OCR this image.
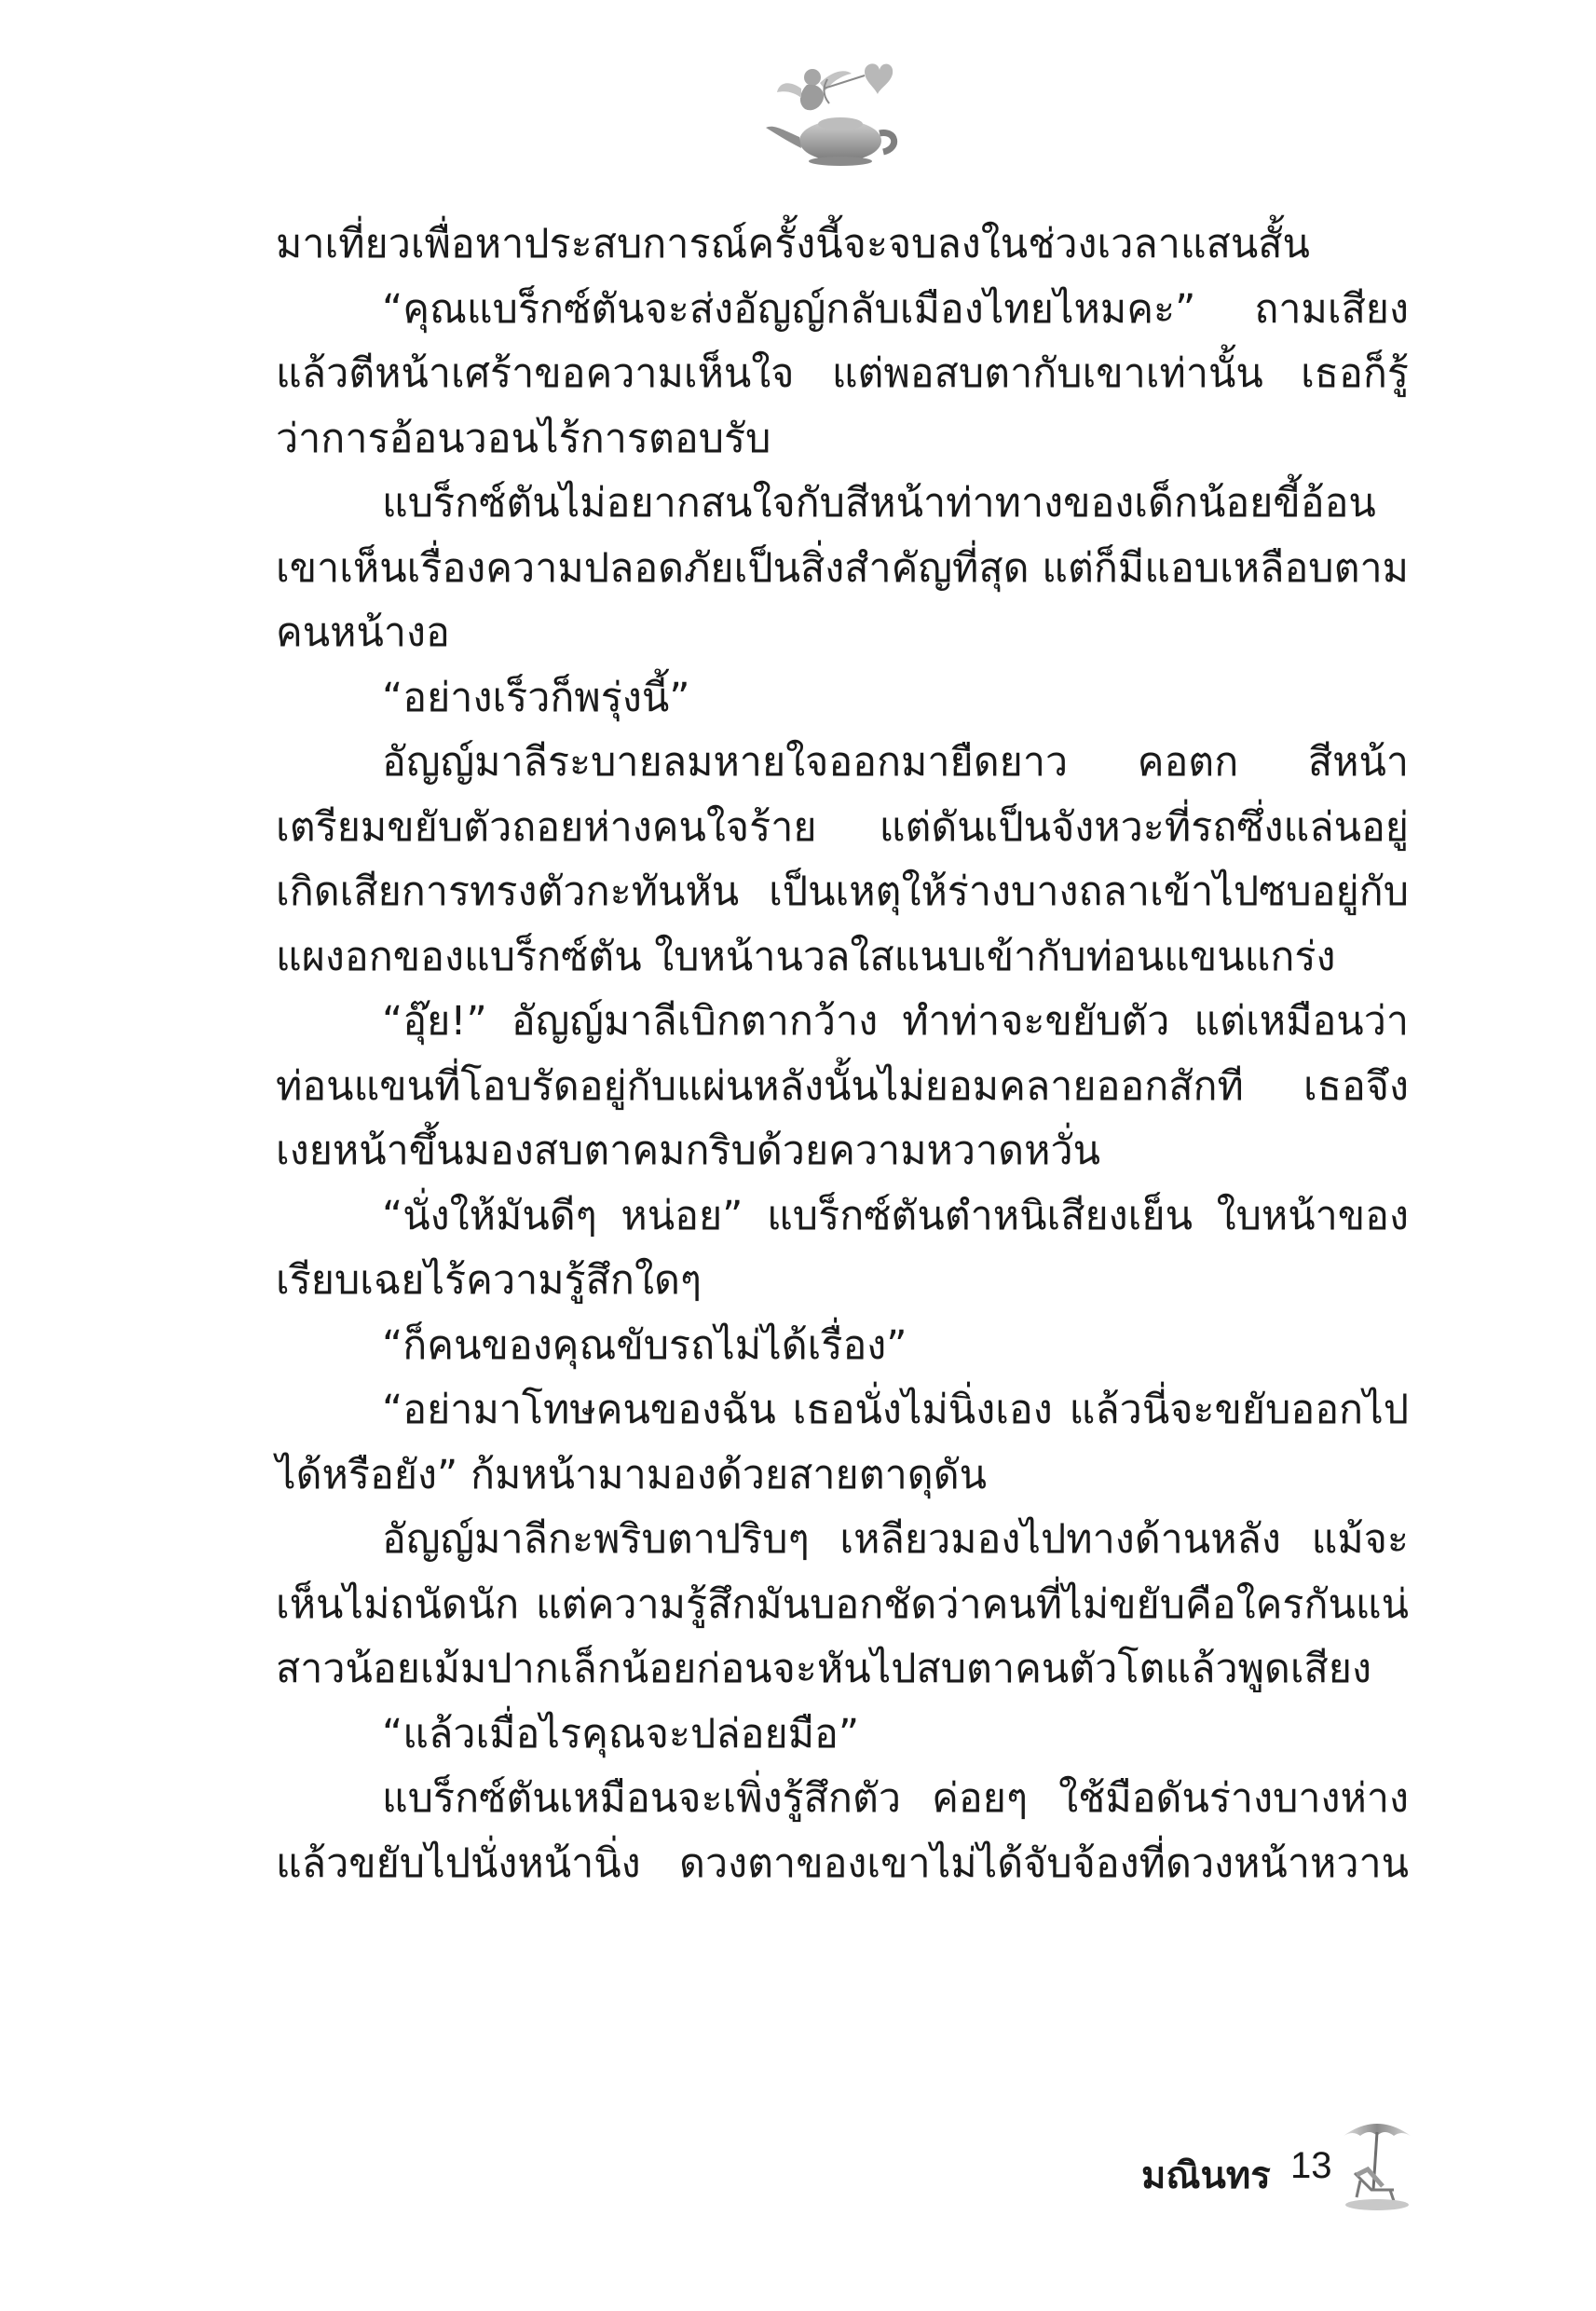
มาเที่ยวเพื่อหาประสบการณ์ครั้งนี้จะจบลงในช่วงเวลาแสนสั้น
“คุณแบร็กซ์ตันจะส่งอัญญ์กลับเมืองไทยไหมคะ” ถามเสียง
แล้วตีหน้าเศร้าขอความเห็นใจ แต่พอสบตากับเขาเท่านั้น เธอก็รู้
ว่าการอ้อนวอนไร้การตอบรับ
แบร็กซ์ตันไม่อยากสนใจกับสีหน้าท่าทางของเด็กน้อยขี้อ้อน
เขาเห็นเรื่องความปลอดภัยเป็นสิ่งสำคัญที่สุด แต่ก็มีแอบเหลือบตาม
คนหน้างอ
“อย่างเร็วก็พรุ่งนี้”
อัญญ์มาลีระบายลมหายใจออกมายืดยาว คอตก สีหน้า
เตรียมขยับตัวถอยห่างคนใจร้าย แต่ดันเป็นจังหวะที่รถซึ่งแล่นอยู่
เกิดเสียการทรงตัวกะทันหัน เป็นเหตุให้ร่างบางถลาเข้าไปซบอยู่กับ
แผงอกของแบร็กซ์ตัน ใบหน้านวลใสแนบเข้ากับท่อนแขนแกร่ง
“อุ๊ย!” อัญญ์มาลีเบิกตากว้าง ทำท่าจะขยับตัว แต่เหมือนว่า
ท่อนแขนที่โอบรัดอยู่กับแผ่นหลังนั้นไม่ยอมคลายออกสักที เธอจึง
เงยหน้าขึ้นมองสบตาคมกริบด้วยความหวาดหวั่น
“นั่งให้มันดีๆ หน่อย” แบร็กซ์ตันตำหนิเสียงเย็น ใบหน้าของ
เรียบเฉยไร้ความรู้สึกใดๆ
“ก็คนของคุณขับรถไม่ได้เรื่อง”
“อย่ามาโทษคนของฉัน เธอนั่งไม่นิ่งเอง แล้วนี่จะขยับออกไป
ได้หรือยัง” ก้มหน้ามามองด้วยสายตาดุดัน
อัญญ์มาลีกะพริบตาปริบๆ เหลียวมองไปทางด้านหลัง แม้จะ
เห็นไม่ถนัดนัก แต่ความรู้สึกมันบอกชัดว่าคนที่ไม่ขยับคือใครกันแน่
สาวน้อยเม้มปากเล็กน้อยก่อนจะหันไปสบตาคนตัวโตแล้วพูดเสียง
“แล้วเมื่อไรคุณจะปล่อยมือ”
แบร็กซ์ตันเหมือนจะเพิ่งรู้สึกตัว ค่อยๆ ใช้มือดันร่างบางห่าง
แล้วขยับไปนั่งหน้านิ่ง ดวงตาของเขาไม่ได้จับจ้องที่ดวงหน้าหวาน
มณินทร 13
